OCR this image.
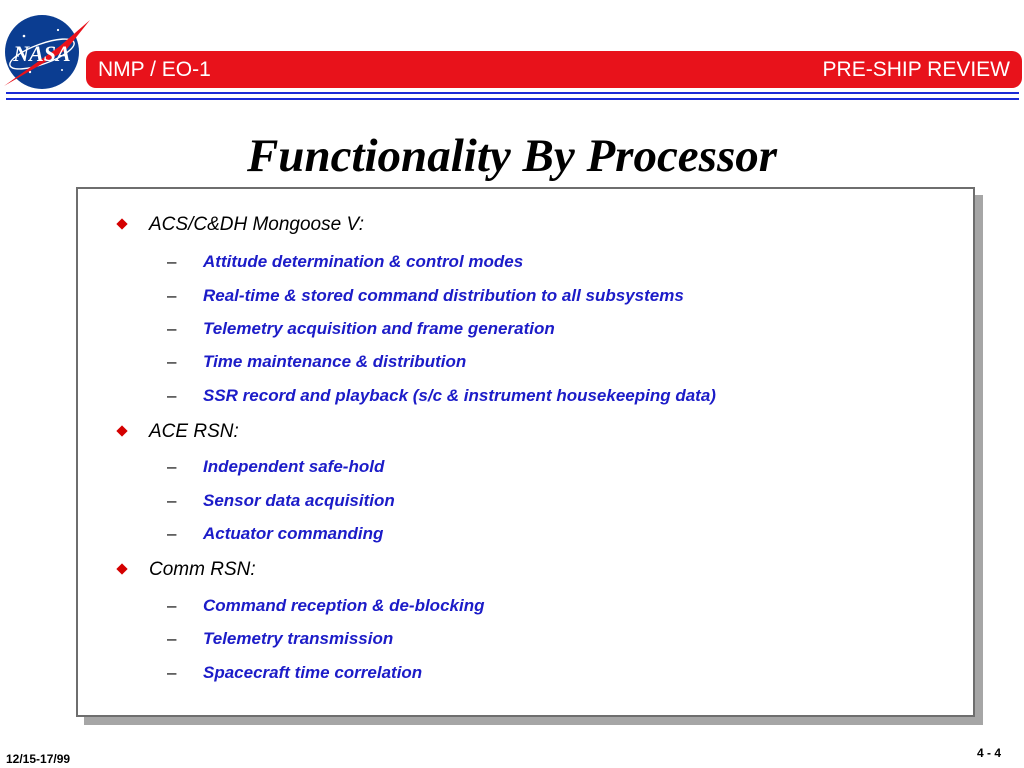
NASA
NMP / EO-1	PRE-SHIP REVIEW
Functionality By Processor
ACS/C&DH Mongoose V:
– Attitude determination & control modes
– Real-time & stored command distribution to all subsystems
– Telemetry acquisition and frame generation
– Time maintenance & distribution
– SSR record and playback (s/c & instrument housekeeping data)
ACE RSN:
– Independent safe-hold
– Sensor data acquisition
– Actuator commanding
Comm RSN:
– Command reception & de-blocking
– Telemetry transmission
– Spacecraft time correlation
12/15-17/99	4 - 4
